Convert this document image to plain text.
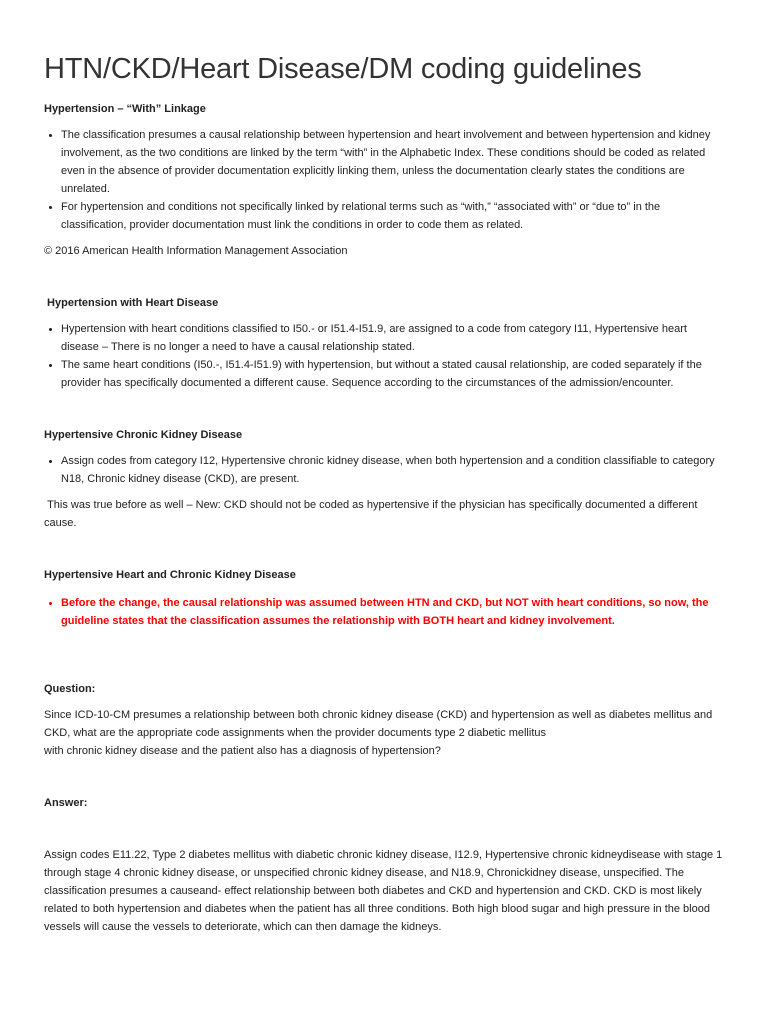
HTN/CKD/Heart Disease/DM coding guidelines

Hypertension – “With” Linkage

• The classification presumes a causal relationship between hypertension and heart involvement and between hypertension and kidney involvement, as the two conditions are linked by the term “with” in the Alphabetic Index. These conditions should be coded as related even in the absence of provider documentation explicitly linking them, unless the documentation clearly states the conditions are unrelated.
• For hypertension and conditions not specifically linked by relational terms such as “with,” “associated with” or “due to” in the classification, provider documentation must link the conditions in order to code them as related.

© 2016 American Health Information Management Association

Hypertension with Heart Disease

• Hypertension with heart conditions classified to I50.- or I51.4-I51.9, are assigned to a code from category I11, Hypertensive heart disease – There is no longer a need to have a causal relationship stated.
• The same heart conditions (I50.-, I51.4-I51.9) with hypertension, but without a stated causal relationship, are coded separately if the provider has specifically documented a different cause. Sequence according to the circumstances of the admission/encounter.

Hypertensive Chronic Kidney Disease

• Assign codes from category I12, Hypertensive chronic kidney disease, when both hypertension and a condition classifiable to category N18, Chronic kidney disease (CKD), are present.

This was true before as well – New: CKD should not be coded as hypertensive if the physician has specifically documented a different cause.

Hypertensive Heart and Chronic Kidney Disease

• Before the change, the causal relationship was assumed between HTN and CKD, but NOT with heart conditions, so now, the guideline states that the classification assumes the relationship with BOTH heart and kidney involvement.

Question:

Since ICD-10-CM presumes a relationship between both chronic kidney disease (CKD) and hypertension as well as diabetes mellitus and CKD, what are the appropriate code assignments when the provider documents type 2 diabetic mellitus

with chronic kidney disease and the patient also has a diagnosis of hypertension?

Answer:

Assign codes E11.22, Type 2 diabetes mellitus with diabetic chronic kidney disease, I12.9, Hypertensive chronic kidneydisease with stage 1 through stage 4 chronic kidney disease, or unspecified chronic kidney disease, and N18.9, Chronickidney disease, unspecified. The classification presumes a causeand- effect relationship between both diabetes and CKD and hypertension and CKD. CKD is most likely related to both hypertension and diabetes when the patient has all three conditions. Both high blood sugar and high pressure in the blood vessels will cause the vessels to deteriorate, which can then damage the kidneys.
